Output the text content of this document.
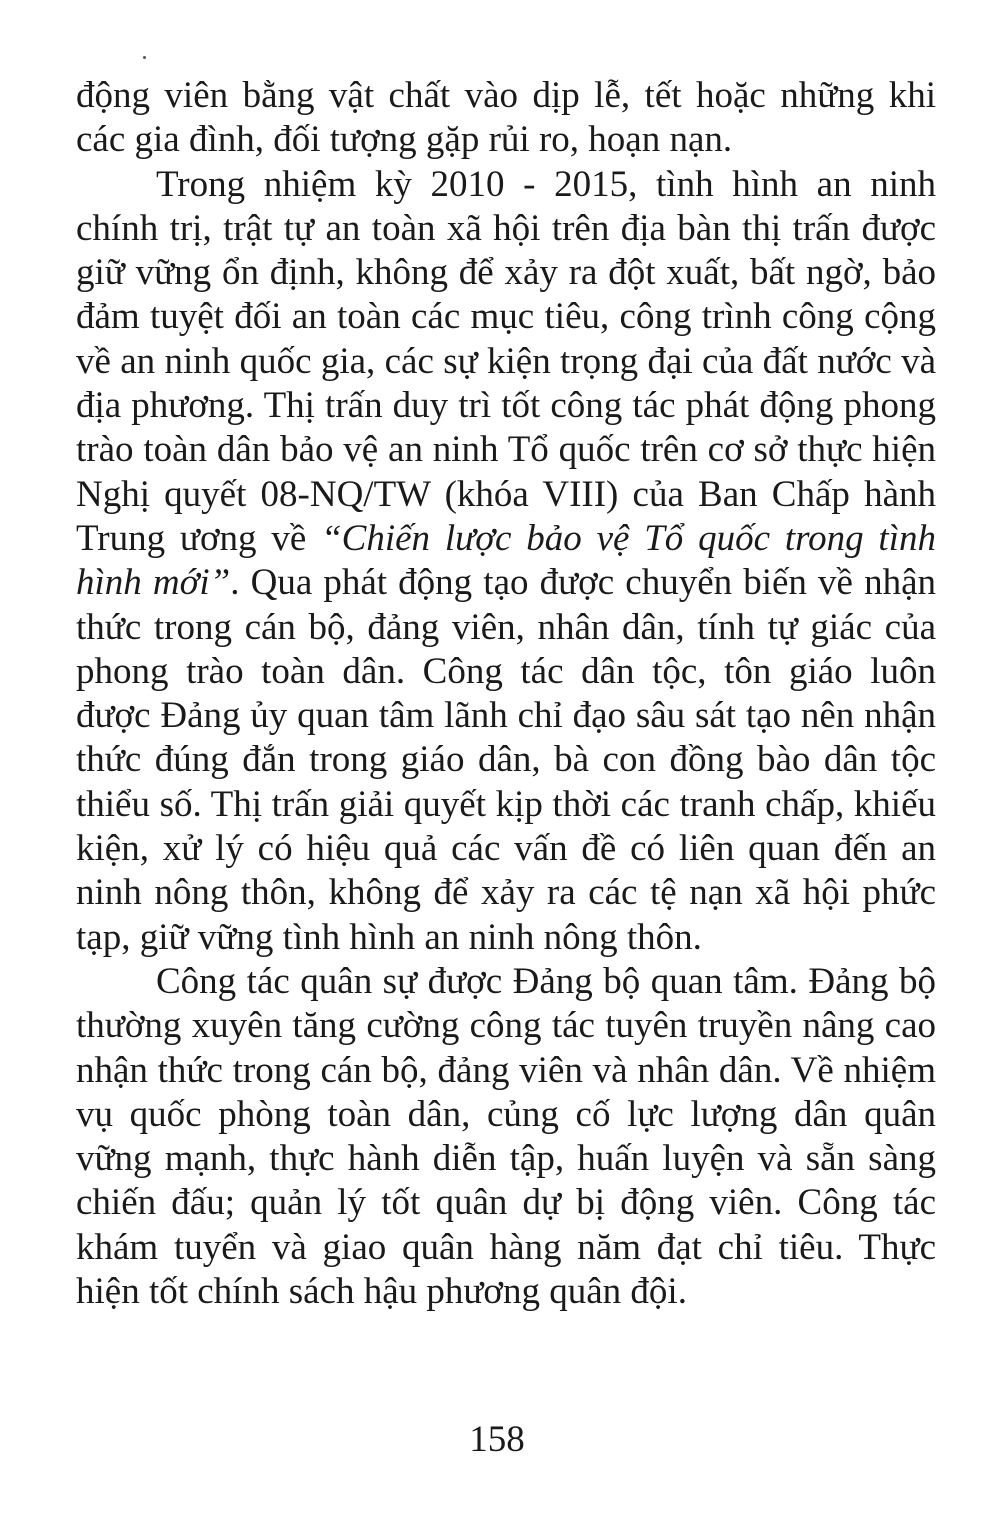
động viên bằng vật chất vào dịp lễ, tết hoặc những khi các gia đình, đối tượng gặp rủi ro, hoạn nạn.

Trong nhiệm kỳ 2010 - 2015, tình hình an ninh chính trị, trật tự an toàn xã hội trên địa bàn thị trấn được giữ vững ổn định, không để xảy ra đột xuất, bất ngờ, bảo đảm tuyệt đối an toàn các mục tiêu, công trình công cộng về an ninh quốc gia, các sự kiện trọng đại của đất nước và địa phương. Thị trấn duy trì tốt công tác phát động phong trào toàn dân bảo vệ an ninh Tổ quốc trên cơ sở thực hiện Nghị quyết 08-NQ/TW (khóa VIII) của Ban Chấp hành Trung ương về “Chiến lược bảo vệ Tổ quốc trong tình hình mới”. Qua phát động tạo được chuyển biến về nhận thức trong cán bộ, đảng viên, nhân dân, tính tự giác của phong trào toàn dân. Công tác dân tộc, tôn giáo luôn được Đảng ủy quan tâm lãnh chỉ đạo sâu sát tạo nên nhận thức đúng đắn trong giáo dân, bà con đồng bào dân tộc thiểu số. Thị trấn giải quyết kịp thời các tranh chấp, khiếu kiện, xử lý có hiệu quả các vấn đề có liên quan đến an ninh nông thôn, không để xảy ra các tệ nạn xã hội phức tạp, giữ vững tình hình an ninh nông thôn.

Công tác quân sự được Đảng bộ quan tâm. Đảng bộ thường xuyên tăng cường công tác tuyên truyền nâng cao nhận thức trong cán bộ, đảng viên và nhân dân. Về nhiệm vụ quốc phòng toàn dân, củng cố lực lượng dân quân vững mạnh, thực hành diễn tập, huấn luyện và sẵn sàng chiến đấu; quản lý tốt quân dự bị động viên. Công tác khám tuyển và giao quân hàng năm đạt chỉ tiêu. Thực hiện tốt chính sách hậu phương quân đội.

158
